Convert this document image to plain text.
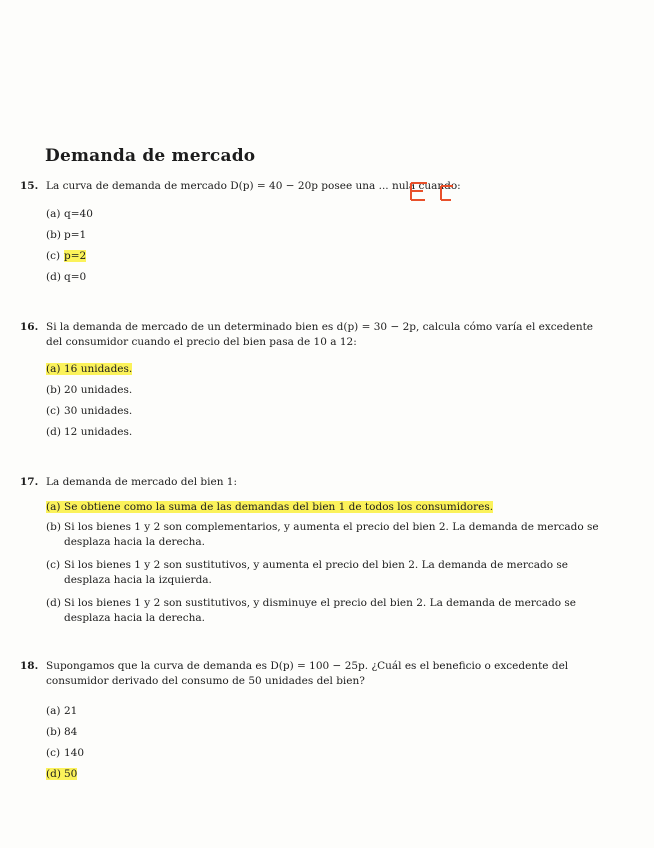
Demanda de mercado
15. La curva de demanda de mercado D(p) = 40 − 20p posee una ... nula cuando:
(a) q=40
(b) p=1
(c) p=2
(d) q=0
16. Si la demanda de mercado de un determinado bien es d(p) = 30 − 2p, calcula cómo varía el excedente
del consumidor cuando el precio del bien pasa de 10 a 12:
(a) 16 unidades.
(b) 20 unidades.
(c) 30 unidades.
(d) 12 unidades.
17. La demanda de mercado del bien 1:
(a) Se obtiene como la suma de las demandas del bien 1 de todos los consumidores.
(b) Si los bienes 1 y 2 son complementarios, y aumenta el precio del bien 2. La demanda de mercado se desplaza hacia la derecha.
(c) Si los bienes 1 y 2 son sustitutivos, y aumenta el precio del bien 2. La demanda de mercado se desplaza hacia la izquierda.
(d) Si los bienes 1 y 2 son sustitutivos, y disminuye el precio del bien 2. La demanda de mercado se desplaza hacia la derecha.
18. Supongamos que la curva de demanda es D(p) = 100 − 25p. ¿Cuál es el beneficio o excedente del
consumidor derivado del consumo de 50 unidades del bien?
(a) 21
(b) 84
(c) 140
(d) 50
